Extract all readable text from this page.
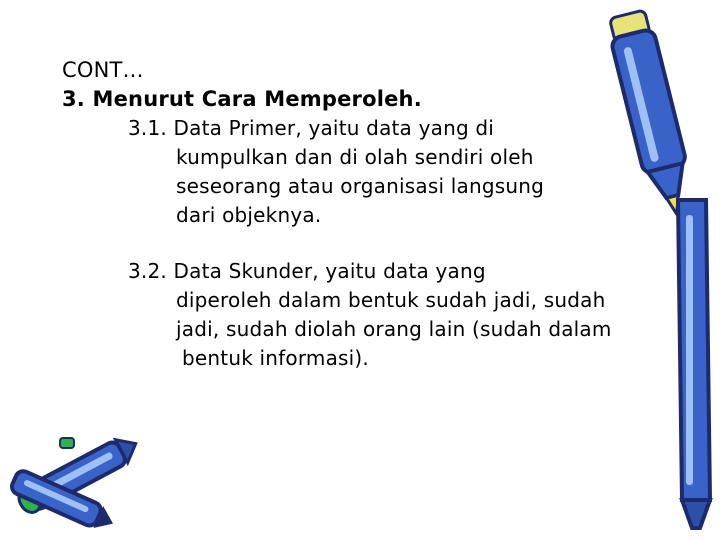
CONT…
3. Menurut Cara Memperoleh.
3.1. Data Primer, yaitu data yang di
kumpulkan dan di olah sendiri oleh
seseorang atau organisasi langsung
dari objeknya.
3.2. Data Skunder, yaitu data yang
diperoleh dalam bentuk sudah jadi, sudah
jadi, sudah diolah orang lain (sudah dalam
bentuk informasi).
